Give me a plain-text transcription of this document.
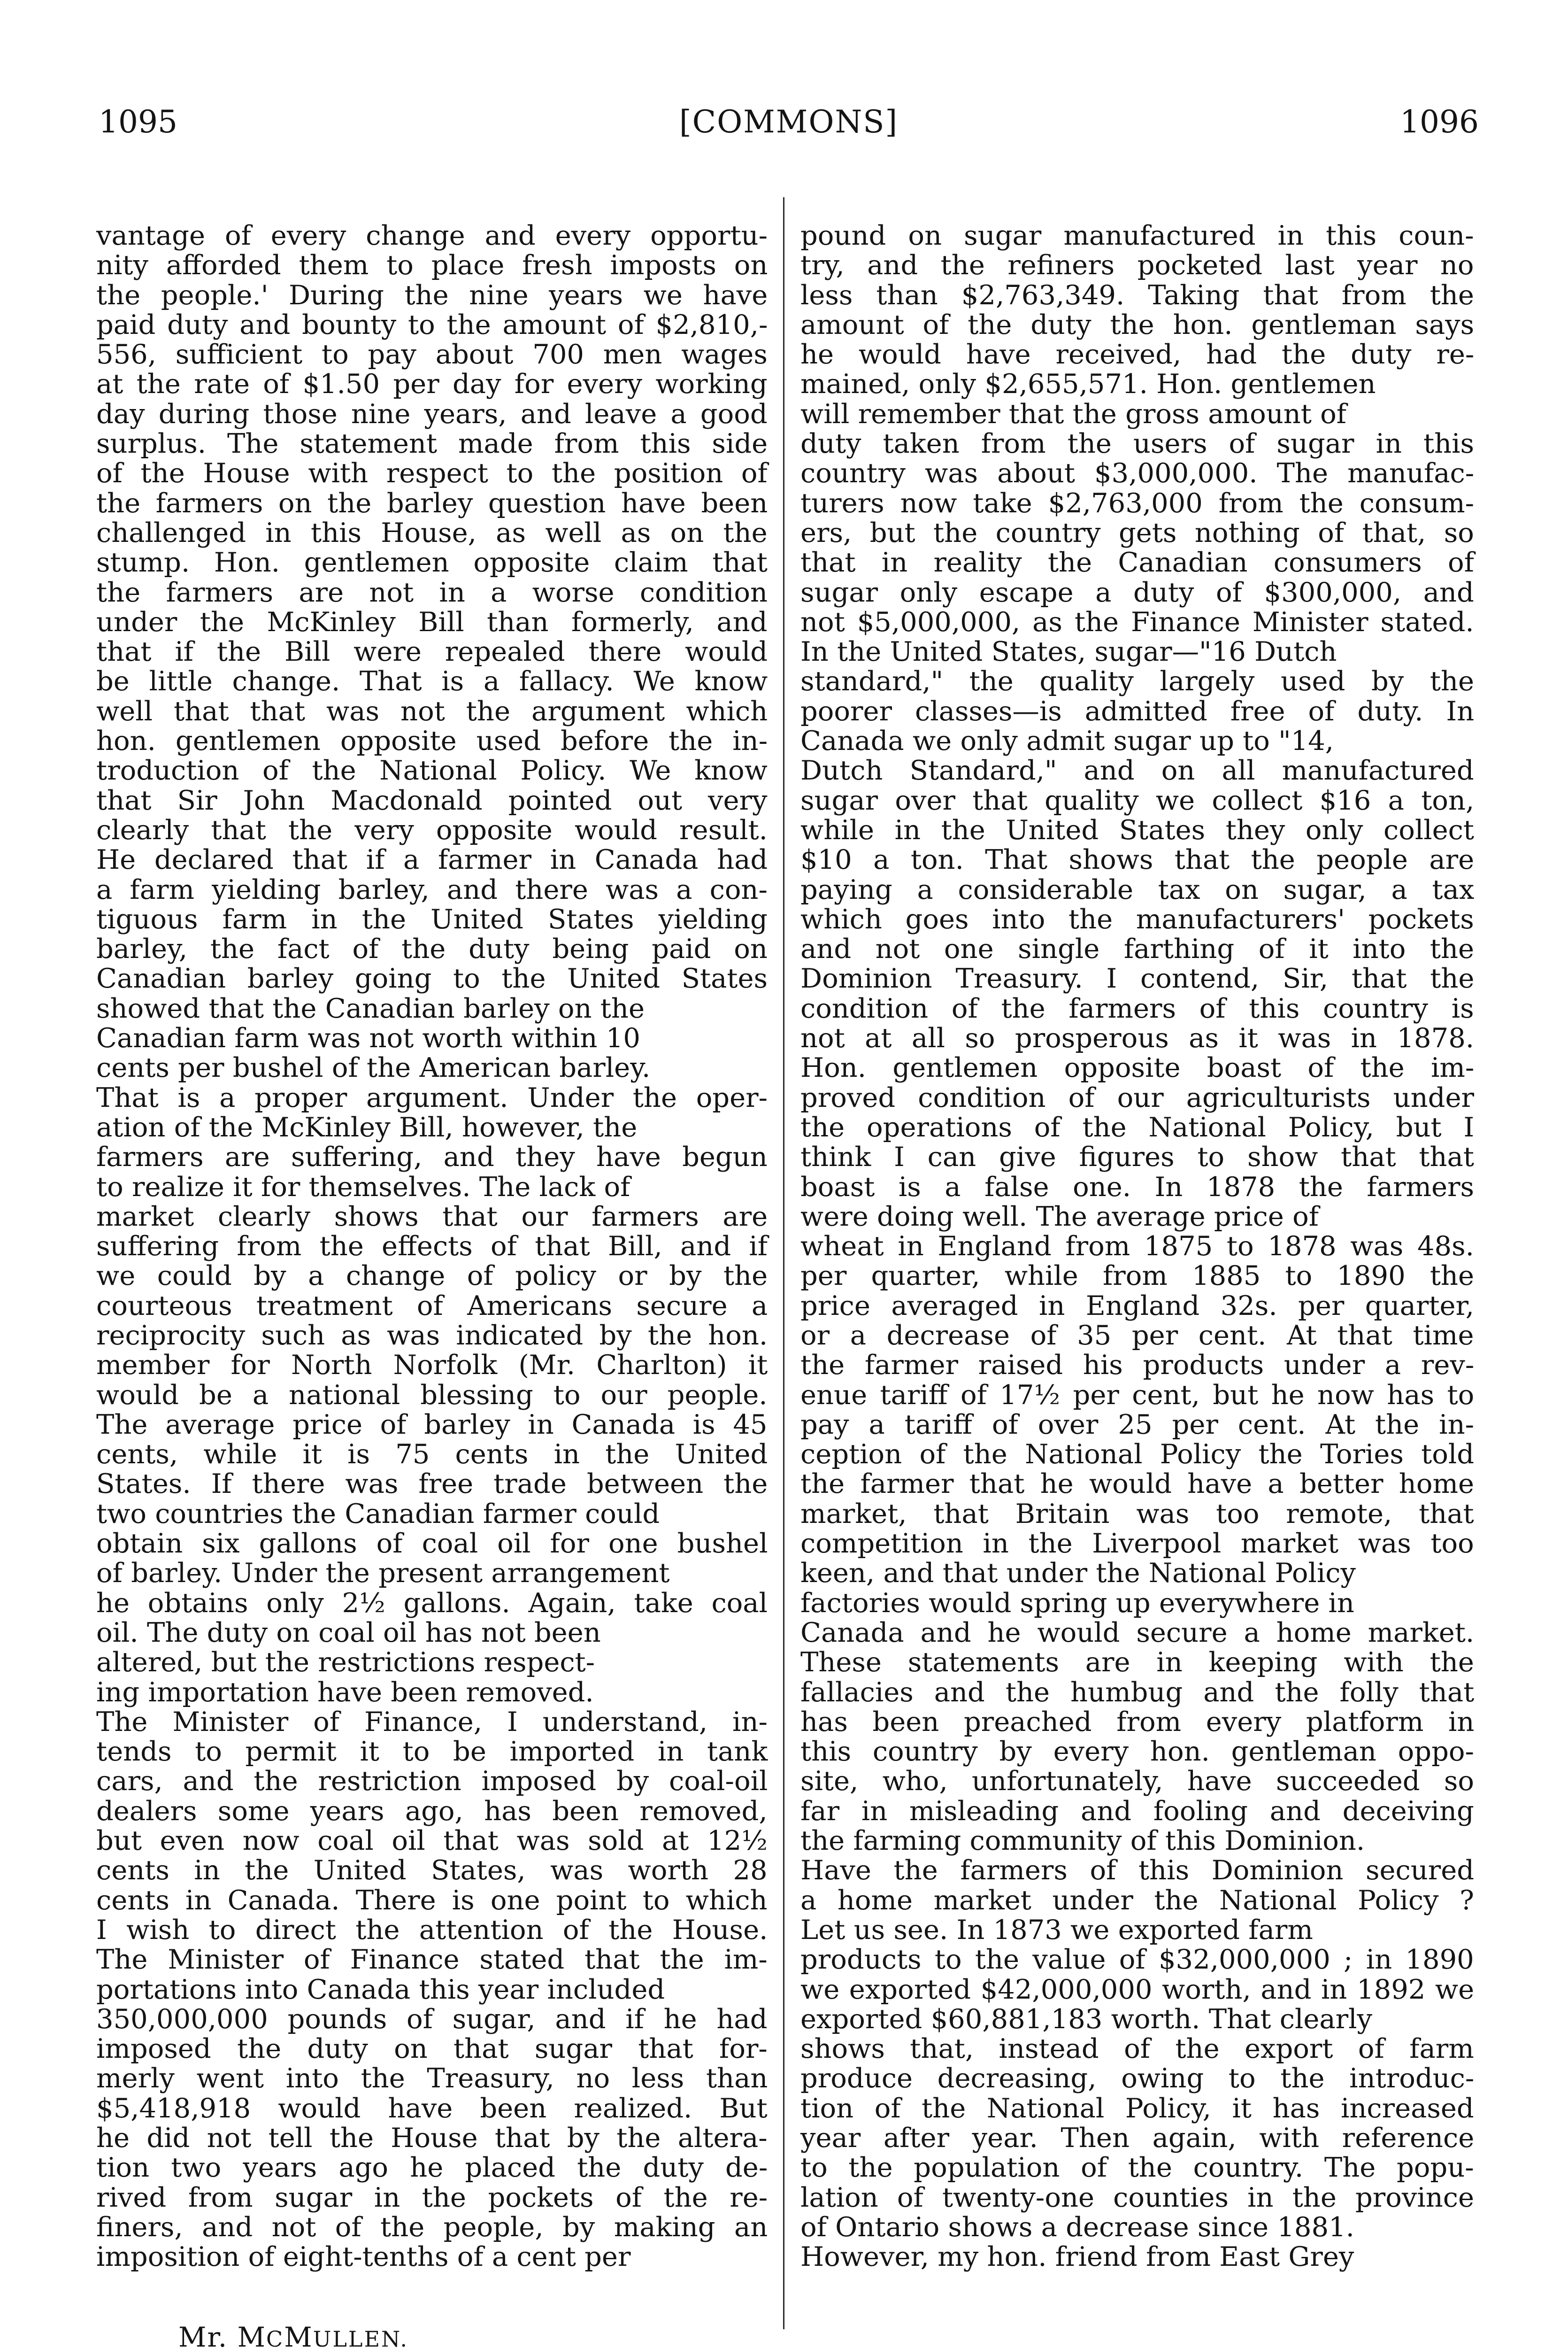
1095	[COMMONS]	1096
vantage of every change and every opportu-
nity afforded them to place fresh imposts on
the people.' During the nine years we have
paid duty and bounty to the amount of $2,810,-
556, sufficient to pay about 700 men wages
at the rate of $1.50 per day for every working
day during those nine years, and leave a good
surplus. The statement made from this side
of the House with respect to the position of
the farmers on the barley question have been
challenged in this House, as well as on the
stump. Hon. gentlemen opposite claim that
the farmers are not in a worse condition
under the McKinley Bill than formerly, and
that if the Bill were repealed there would
be little change. That is a fallacy. We know
well that that was not the argument which
hon. gentlemen opposite used before the in-
troduction of the National Policy. We know
that Sir John Macdonald pointed out very
clearly that the very opposite would result.
He declared that if a farmer in Canada had
a farm yielding barley, and there was a con-
tiguous farm in the United States yielding
barley, the fact of the duty being paid on
Canadian barley going to the United States
showed that the Canadian barley on the
Canadian farm was not worth within 10
cents per bushel of the American barley.
That is a proper argument. Under the oper-
ation of the McKinley Bill, however, the
farmers are suffering, and they have begun
to realize it for themselves. The lack of
market clearly shows that our farmers are
suffering from the effects of that Bill, and if
we could by a change of policy or by the
courteous treatment of Americans secure a
reciprocity such as was indicated by the hon.
member for North Norfolk (Mr. Charlton) it
would be a national blessing to our people.
The average price of barley in Canada is 45
cents, while it is 75 cents in the United
States. If there was free trade between the
two countries the Canadian farmer could
obtain six gallons of coal oil for one bushel
of barley. Under the present arrangement
he obtains only 2½ gallons. Again, take coal
oil. The duty on coal oil has not been
altered, but the restrictions respect-
ing importation have been removed.
The Minister of Finance, I understand, in-
tends to permit it to be imported in tank
cars, and the restriction imposed by coal-oil
dealers some years ago, has been removed,
but even now coal oil that was sold at 12½
cents in the United States, was worth 28
cents in Canada. There is one point to which
I wish to direct the attention of the House.
The Minister of Finance stated that the im-
portations into Canada this year included
350,000,000 pounds of sugar, and if he had
imposed the duty on that sugar that for-
merly went into the Treasury, no less than
$5,418,918 would have been realized. But
he did not tell the House that by the altera-
tion two years ago he placed the duty de-
rived from sugar in the pockets of the re-
finers, and not of the people, by making an
imposition of eight-tenths of a cent per
pound on sugar manufactured in this coun-
try, and the refiners pocketed last year no
less than $2,763,349. Taking that from the
amount of the duty the hon. gentleman says
he would have received, had the duty re-
mained, only $2,655,571. Hon. gentlemen
will remember that the gross amount of
duty taken from the users of sugar in this
country was about $3,000,000. The manufac-
turers now take $2,763,000 from the consum-
ers, but the country gets nothing of that, so
that in reality the Canadian consumers of
sugar only escape a duty of $300,000, and
not $5,000,000, as the Finance Minister stated.
In the United States, sugar—"16 Dutch
standard," the quality largely used by the
poorer classes—is admitted free of duty. In
Canada we only admit sugar up to "14,
Dutch Standard," and on all manufactured
sugar over that quality we collect $16 a ton,
while in the United States they only collect
$10 a ton. That shows that the people are
paying a considerable tax on sugar, a tax
which goes into the manufacturers' pockets
and not one single farthing of it into the
Dominion Treasury. I contend, Sir, that the
condition of the farmers of this country is
not at all so prosperous as it was in 1878.
Hon. gentlemen opposite boast of the im-
proved condition of our agriculturists under
the operations of the National Policy, but I
think I can give figures to show that that
boast is a false one. In 1878 the farmers
were doing well. The average price of
wheat in England from 1875 to 1878 was 48s.
per quarter, while from 1885 to 1890 the
price averaged in England 32s. per quarter,
or a decrease of 35 per cent. At that time
the farmer raised his products under a rev-
enue tariff of 17½ per cent, but he now has to
pay a tariff of over 25 per cent. At the in-
ception of the National Policy the Tories told
the farmer that he would have a better home
market, that Britain was too remote, that
competition in the Liverpool market was too
keen, and that under the National Policy
factories would spring up everywhere in
Canada and he would secure a home market.
These statements are in keeping with the
fallacies and the humbug and the folly that
has been preached from every platform in
this country by every hon. gentleman oppo-
site, who, unfortunately, have succeeded so
far in misleading and fooling and deceiving
the farming community of this Dominion.
Have the farmers of this Dominion secured
a home market under the National Policy ?
Let us see. In 1873 we exported farm
products to the value of $32,000,000 ; in 1890
we exported $42,000,000 worth, and in 1892 we
exported $60,881,183 worth. That clearly
shows that, instead of the export of farm
produce decreasing, owing to the introduc-
tion of the National Policy, it has increased
year after year. Then again, with reference
to the population of the country. The popu-
lation of twenty-one counties in the province
of Ontario shows a decrease since 1881.
However, my hon. friend from East Grey
Mr. MCMULLEN.
